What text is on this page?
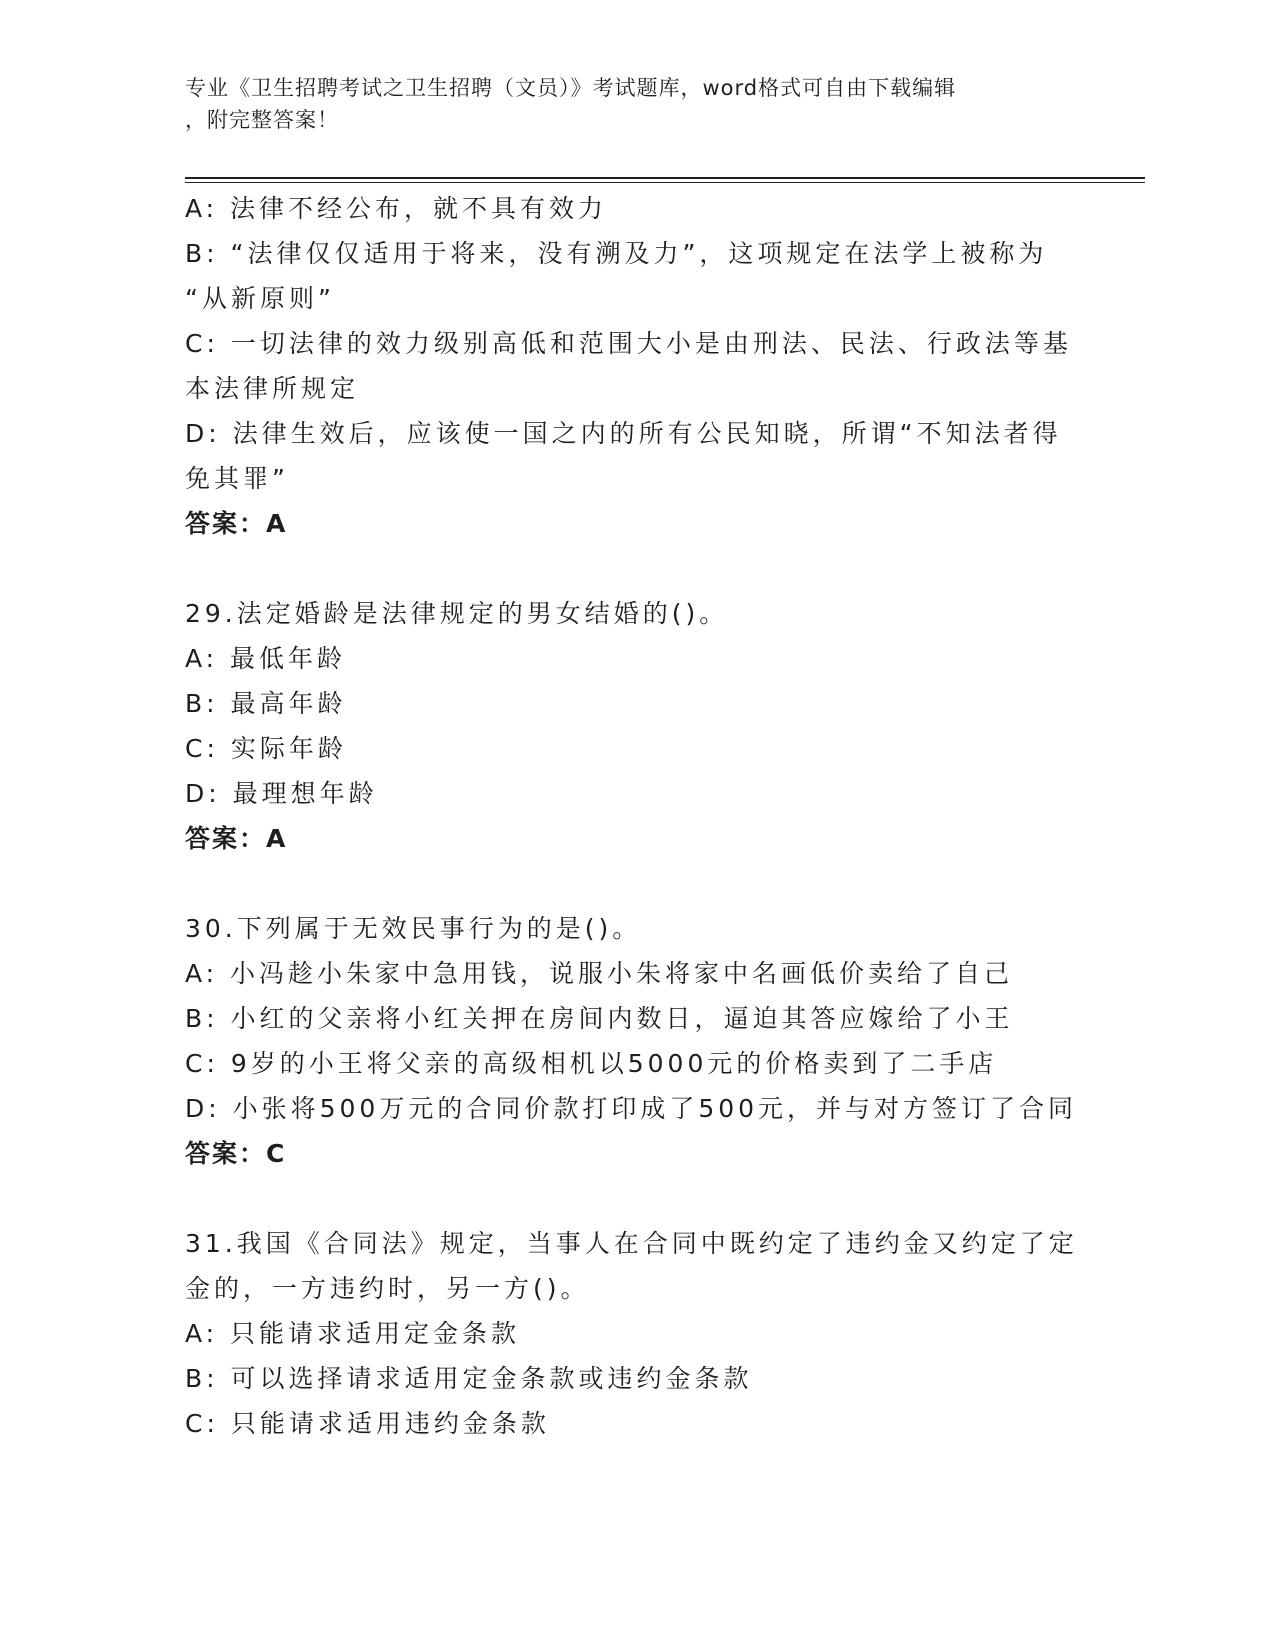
专业《卫生招聘考试之卫生招聘（文员）》考试题库，word格式可自由下载编辑
，附完整答案！
A: 法律不经公布，就不具有效力
B: “法律仅仅适用于将来，没有溯及力”，这项规定在法学上被称为
“从新原则”
C: 一切法律的效力级别高低和范围大小是由刑法、民法、行政法等基
本法律所规定
D: 法律生效后，应该使一国之内的所有公民知晓，所谓“不知法者得
免其罪”
答案：A
29.法定婚龄是法律规定的男女结婚的()。
A: 最低年龄
B: 最高年龄
C: 实际年龄
D: 最理想年龄
答案：A
30.下列属于无效民事行为的是()。
A: 小冯趁小朱家中急用钱，说服小朱将家中名画低价卖给了自己
B: 小红的父亲将小红关押在房间内数日，逼迫其答应嫁给了小王
C: 9岁的小王将父亲的高级相机以5000元的价格卖到了二手店
D: 小张将500万元的合同价款打印成了500元，并与对方签订了合同
答案：C
31.我国《合同法》规定，当事人在合同中既约定了违约金又约定了定
金的，一方违约时，另一方()。
A: 只能请求适用定金条款
B: 可以选择请求适用定金条款或违约金条款
C: 只能请求适用违约金条款
